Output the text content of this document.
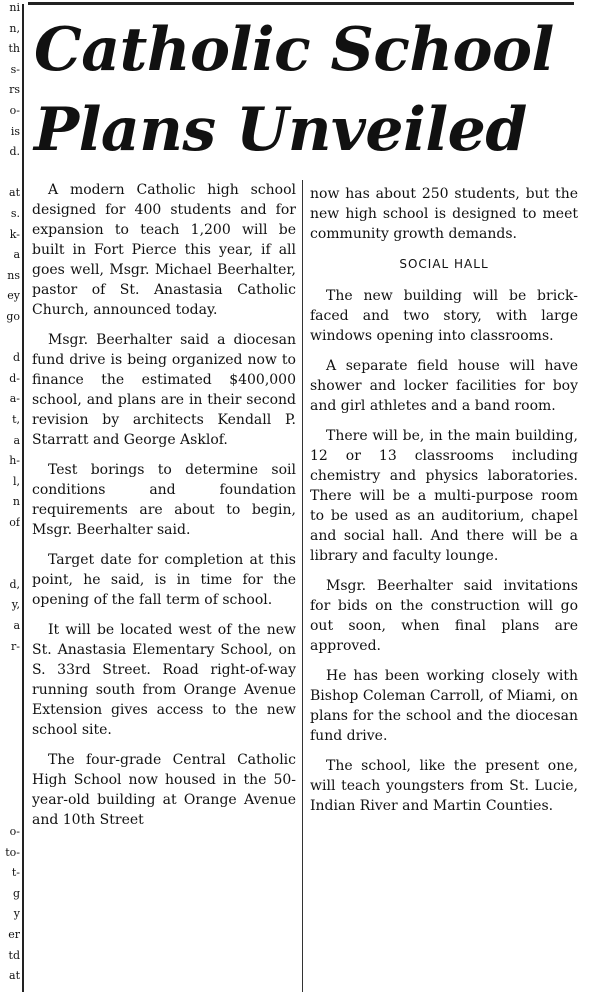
ni
n,
th
s-
rs
o-
is
d.
at
s.
k-
a
ns
ey
go
d
d-
a-
t,
a
h-
l,
n
of
d,
y,
a
r-
o-
to-
t-
g
y
er
td
at
Catholic School
Plans Unveiled

A modern Catholic high school designed for 400 students and for expansion to teach 1,200 will be built in Fort Pierce this year, if all goes well, Msgr. Michael Beerhalter, pastor of St. Anastasia Catholic Church, announced today.

Msgr. Beerhalter said a diocesan fund drive is being organized now to finance the estimated $400,000 school, and plans are in their second revision by architects Kendall P. Starratt and George Asklof.

Test borings to determine soil conditions and foundation requirements are about to begin, Msgr. Beerhalter said.

Target date for completion at this point, he said, is in time for the opening of the fall term of school.

It will be located west of the new St. Anastasia Elementary School, on S. 33rd Street. Road right-of-way running south from Orange Avenue Extension gives access to the new school site.

The four-grade Central Catholic High School now housed in the 50-year-old building at Orange Avenue and 10th Street

now has about 250 students, but the new high school is designed to meet community growth demands.

SOCIAL HALL

The new building will be brick-faced and two story, with large windows opening into classrooms.

A separate field house will have shower and locker facilities for boy and girl athletes and a band room.

There will be, in the main building, 12 or 13 classrooms including chemistry and physics laboratories. There will be a multi-purpose room to be used as an auditorium, chapel and social hall. And there will be a library and faculty lounge.

Msgr. Beerhalter said invitations for bids on the construction will go out soon, when final plans are approved.

He has been working closely with Bishop Coleman Carroll, of Miami, on plans for the school and the diocesan fund drive.

The school, like the present one, will teach youngsters from St. Lucie, Indian River and Martin Counties.
